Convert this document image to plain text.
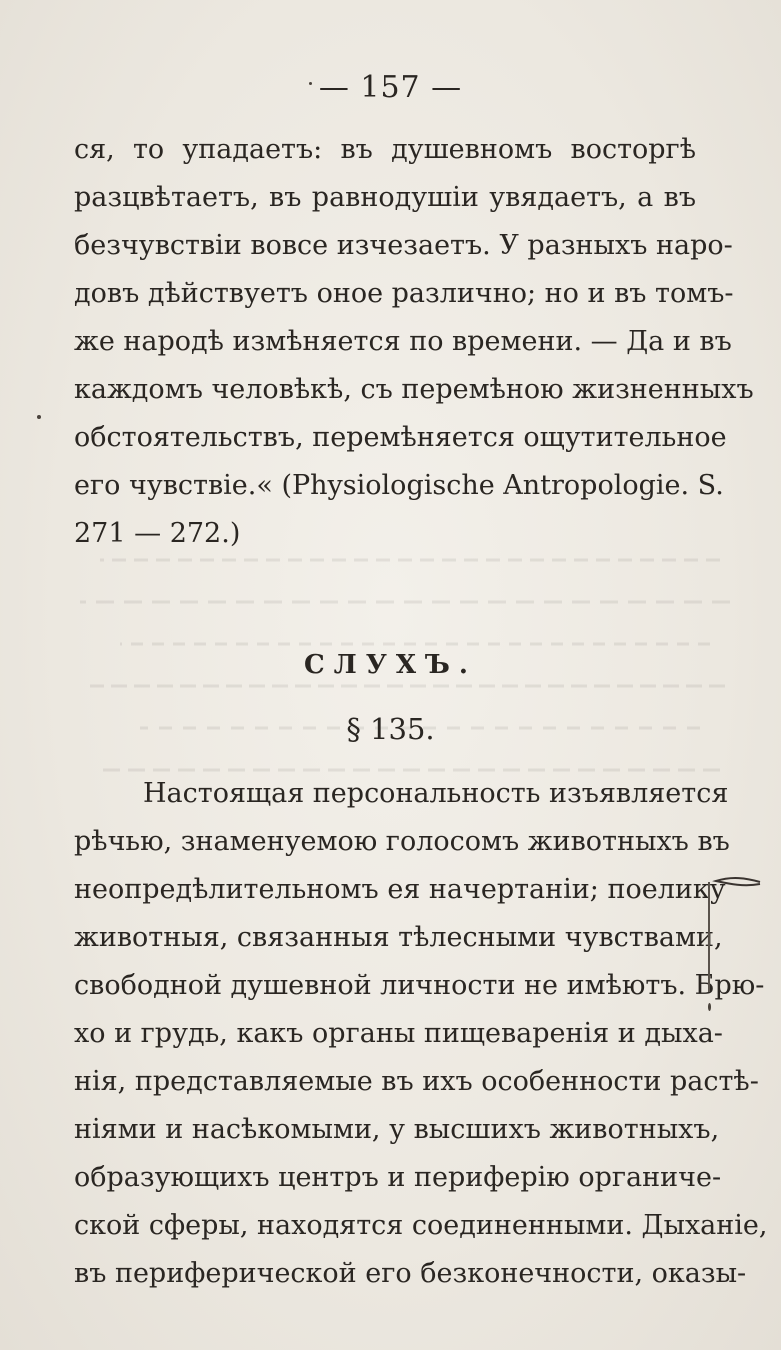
— 157 —
ся, то упадаетъ: въ душевномъ восторгѣ
разцвѣтаетъ, въ равнодушіи увядаетъ, а въ
безчувствіи вовсе изчезаетъ. У разныхъ наро-
довъ дѣйствуетъ оное различно; но и въ томъ-
же народѣ измѣняется по времени. — Да и въ
каждомъ человѣкѣ, съ перемѣною жизненныхъ
обстоятельствъ, перемѣняется ощутительное
его чувствіе.« (Physiologische Antropologie. S.
271 — 272.)
СЛУХЪ.
§ 135.
Настоящая персональность изъявляется
рѣчью, знаменуемою голосомъ животныхъ въ
неопредѣлительномъ ея начертаніи; поелику
животныя, связанныя тѣлесными чувствами,
свободной душевной личности не имѣютъ. Брю-
хо и грудь, какъ органы пищеваренія и дыха-
нія, представляемые въ ихъ особенности растѣ-
ніями и насѣкомыми, у высшихъ животныхъ,
образующихъ центръ и периферію органиче-
ской сферы, находятся соединенными. Дыханіе,
въ периферической его безконечности, оказы-
